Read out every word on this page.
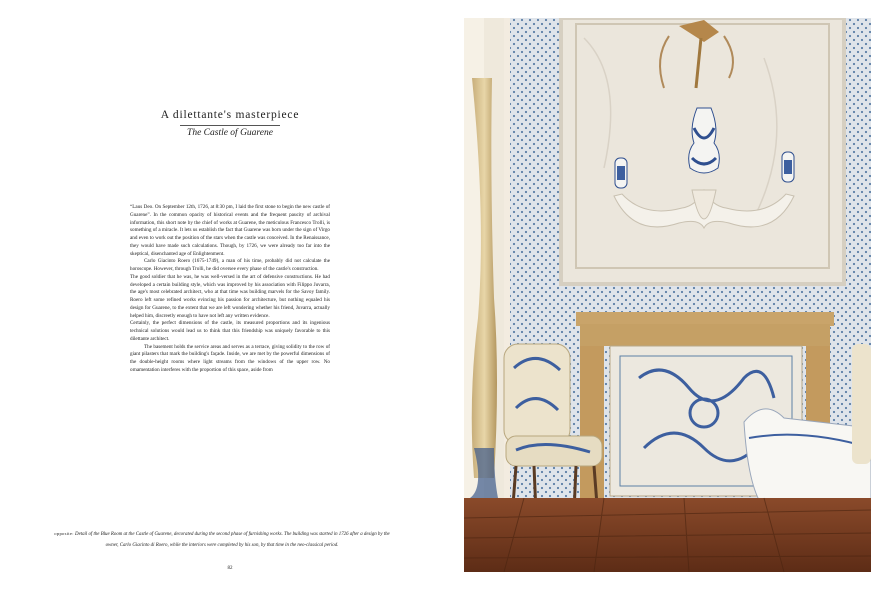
A dilettante's masterpiece
The Castle of Guarene

“Laus Deo. On September 12th, 1726, at 8:30 pm, I laid the first stone to begin the new castle of Guarene”. In the common opacity of historical events and the frequent paucity of archival information, this short note by the chief of works at Guarene, the meticulous Francesco Trolli, is something of a miracle. It lets us establish the fact that Guarene was born under the sign of Virgo and even to work out the position of the stars when the castle was conceived. In the Renaissance, they would have made such calculations. Though, by 1726, we were already too far into the skeptical, disenchanted age of Enlightenment.

Carlo Giacinto Roero (1675-1749), a man of his time, probably did not calculate the horoscope. However, through Trolli, he did oversee every phase of the castle's construction.

The good soldier that he was, he was well-versed in the art of defensive constructions. He had developed a certain building style, which was improved by his association with Filippo Juvarra, the age's most celebrated architect, who at that time was building marvels for the Savoy family. Roero left some refined works evincing his passion for architecture, but nothing equaled his design for Guarene, to the extent that we are left wondering whether his friend, Juvarra, actually helped him, discreetly enough to have not left any written evidence.

Certainly, the perfect dimensions of the castle, its measured proportions and its ingenious technical solutions would lead us to think that this friendship was uniquely favorable to this dilettante architect.

The basement holds the service areas and serves as a terrace, giving solidity to the row of giant pilasters that mark the building's façade. Inside, we are met by the powerful dimensions of the double-height rooms where light streams from the windows of the upper row. No ornamentation interferes with the proportion of this space, aside from

opposite: Detail of the Blue Room at the Castle of Guarene, decorated during the second phase of furnishing works. The building was started in 1726 after a design by the owner, Carlo Giacinto di Roero, while the interiors were completed by his son, by that time in the neo-classical period.
82
